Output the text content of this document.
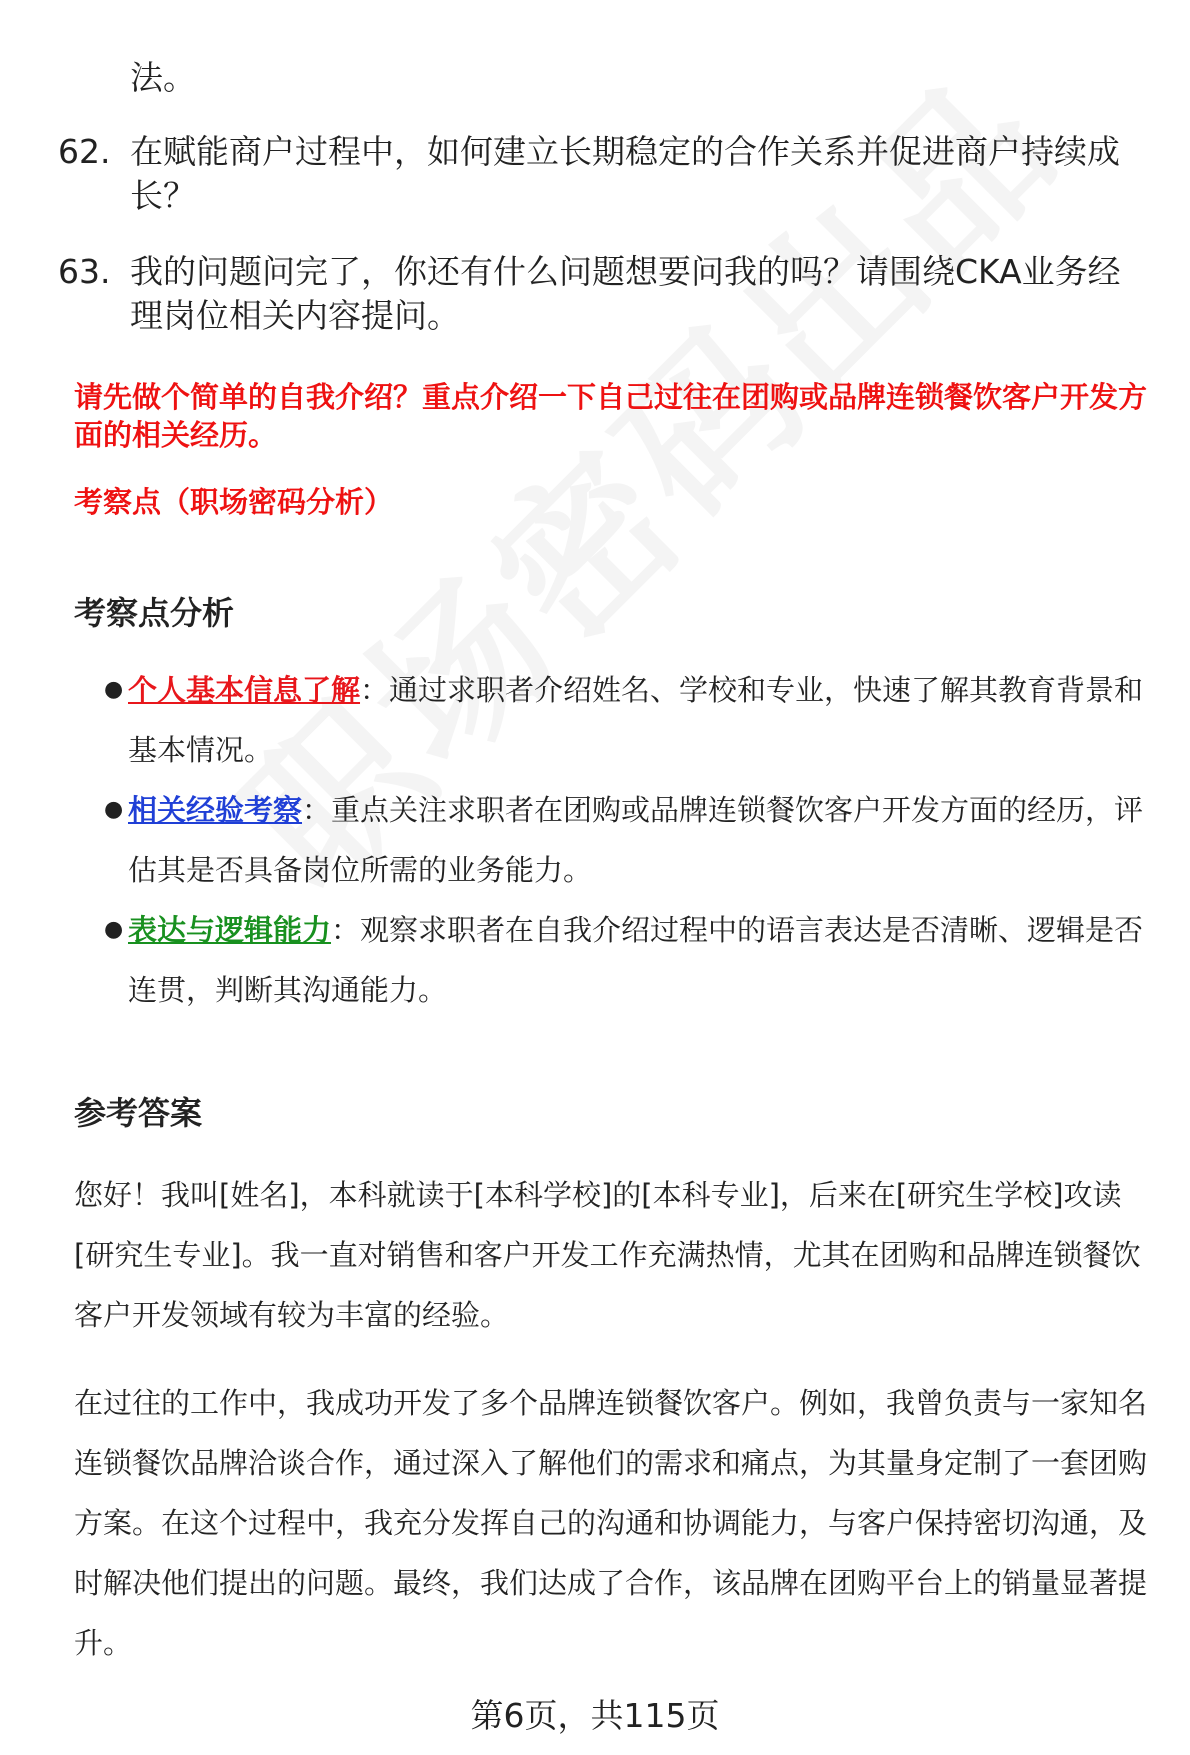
法。
62. 在赋能商户过程中，如何建立长期稳定的合作关系并促进商户持续成长？
63. 我的问题问完了，你还有什么问题想要问我的吗？请围绕CKA业务经理岗位相关内容提问。
请先做个简单的自我介绍？重点介绍一下自己过往在团购或品牌连锁餐饮客户开发方面的相关经历。
考察点（职场密码分析）
考察点分析
● 个人基本信息了解：通过求职者介绍姓名、学校和专业，快速了解其教育背景和基本情况。
● 相关经验考察：重点关注求职者在团购或品牌连锁餐饮客户开发方面的经历，评估其是否具备岗位所需的业务能力。
● 表达与逻辑能力：观察求职者在自我介绍过程中的语言表达是否清晰、逻辑是否连贯，判断其沟通能力。
参考答案

您好！我叫[姓名]，本科就读于[本科学校]的[本科专业]，后来在[研究生学校]攻读[研究生专业]。我一直对销售和客户开发工作充满热情，尤其在团购和品牌连锁餐饮客户开发领域有较为丰富的经验。

在过往的工作中，我成功开发了多个品牌连锁餐饮客户。例如，我曾负责与一家知名连锁餐饮品牌洽谈合作，通过深入了解他们的需求和痛点，为其量身定制了一套团购方案。在这个过程中，我充分发挥自己的沟通和协调能力，与客户保持密切沟通，及时解决他们提出的问题。最终，我们达成了合作，该品牌在团购平台上的销量显著提升。

第6页，共115页
